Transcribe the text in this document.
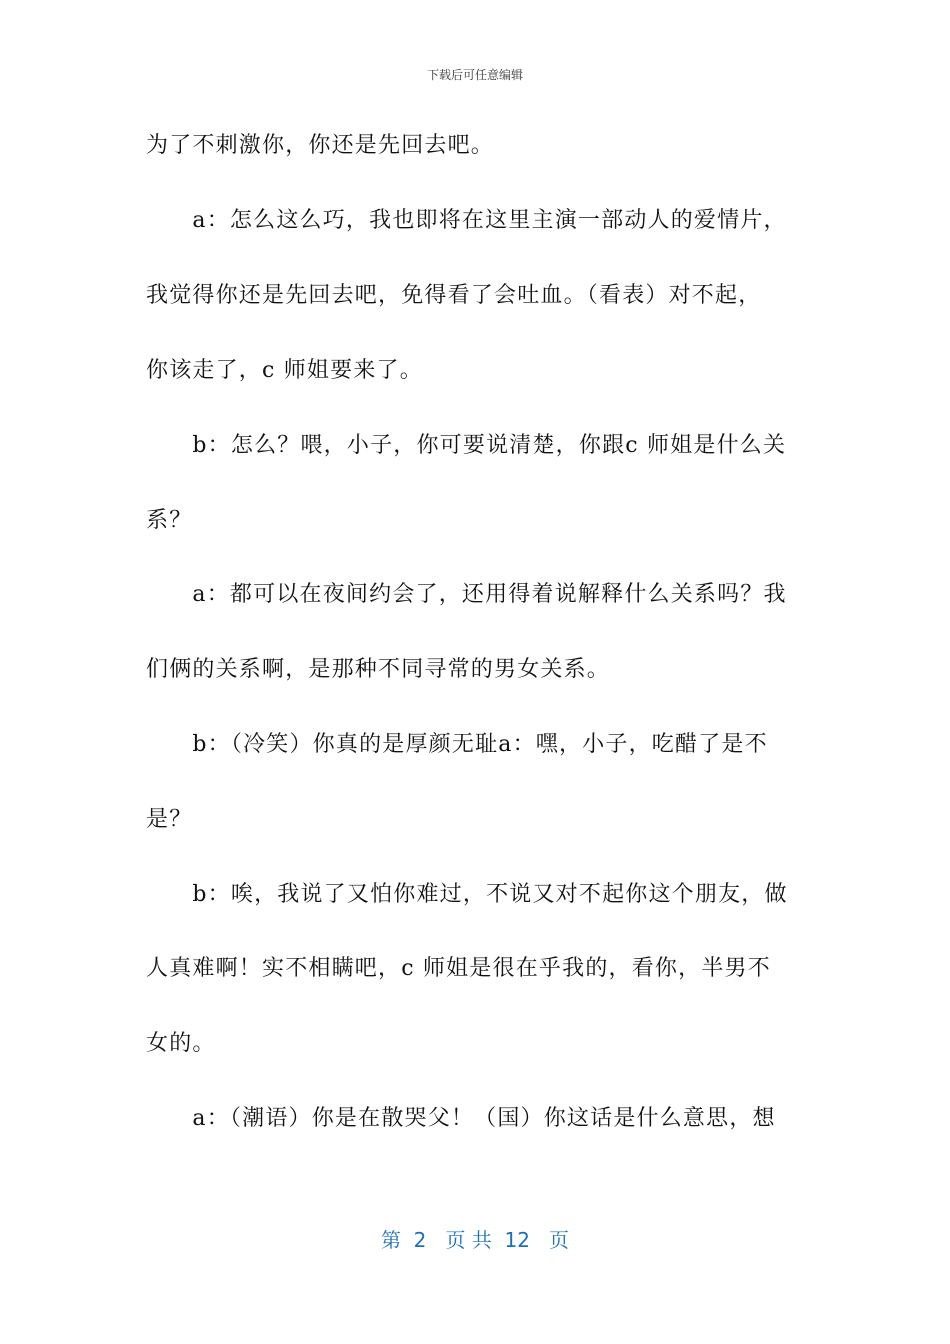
下载后可任意编辑
为了不刺激你，你还是先回去吧。
　　a：怎么这么巧，我也即将在这里主演一部动人的爱情片，
我觉得你还是先回去吧，免得看了会吐血。（看表）对不起，
你该走了，c 师姐要来了。
　　b：怎么？喂，小子，你可要说清楚，你跟c 师姐是什么关
系？
　　a：都可以在夜间约会了，还用得着说解释什么关系吗？我
们俩的关系啊，是那种不同寻常的男女关系。
　　b：（冷笑）你真的是厚颜无耻a：嘿，小子，吃醋了是不
是？
　　b：唉，我说了又怕你难过，不说又对不起你这个朋友，做
人真难啊！实不相瞒吧，c 师姐是很在乎我的，看你，半男不
女的。
　　a：（潮语）你是在散哭父！（国）你这话是什么意思，想
第  2   页 共  12   页
